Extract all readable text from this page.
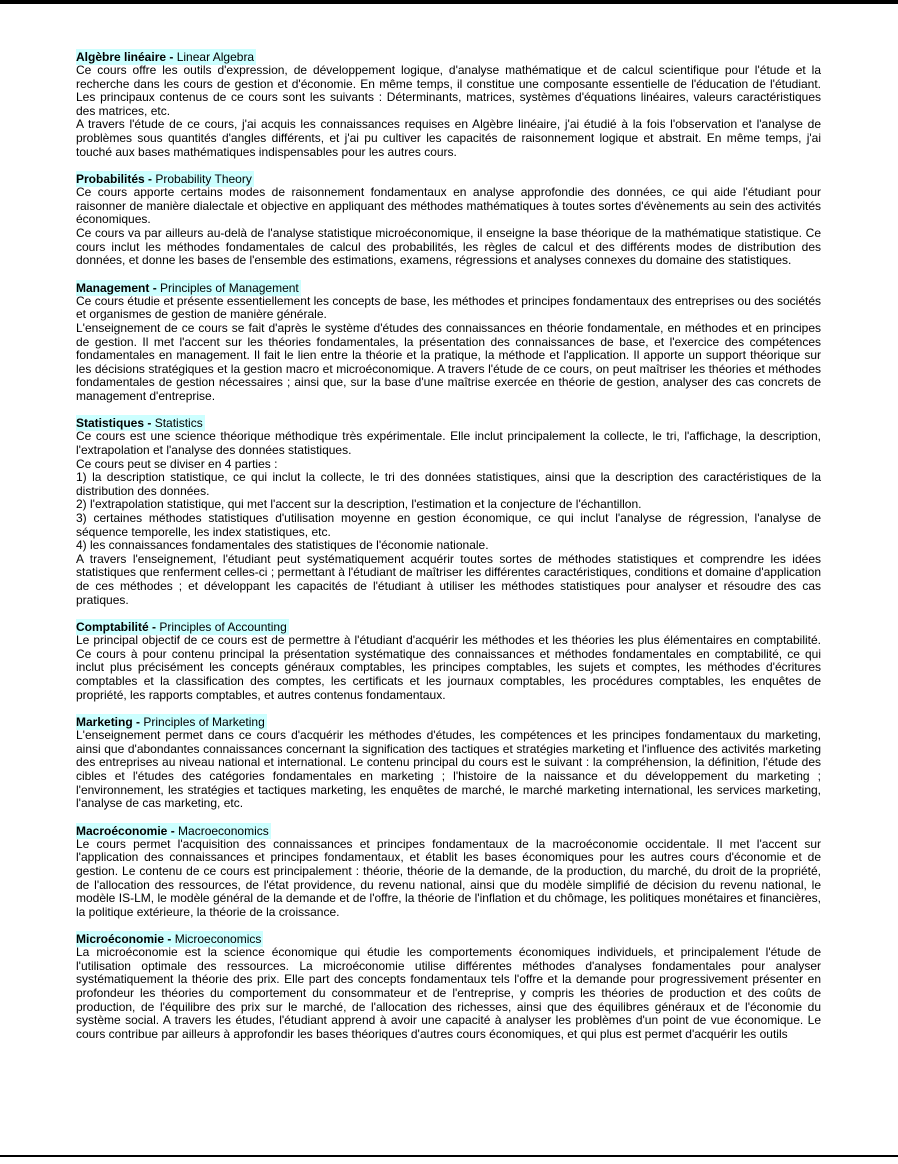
Algèbre linéaire - Linear Algebra

Ce cours offre les outils d'expression, de développement logique, d'analyse mathématique et de calcul scientifique pour l'étude et la recherche dans les cours de gestion et d'économie. En même temps, il constitue une composante essentielle de l'éducation de l'étudiant. Les principaux contenus de ce cours sont les suivants : Déterminants, matrices, systèmes d'équations linéaires, valeurs caractéristiques des matrices, etc.

A travers l'étude de ce cours, j'ai acquis les connaissances requises en Algèbre linéaire, j'ai étudié à la fois l'observation et l'analyse de problèmes sous quantités d'angles différents, et j'ai pu cultiver les capacités de raisonnement logique et abstrait. En même temps, j'ai touché aux bases mathématiques indispensables pour les autres cours.

Probabilités - Probability Theory

Ce cours apporte certains modes de raisonnement fondamentaux en analyse approfondie des données, ce qui aide l'étudiant pour raisonner de manière dialectale et objective en appliquant des méthodes mathématiques à toutes sortes d'évènements au sein des activités économiques.

Ce cours va par ailleurs au-delà de l'analyse statistique microéconomique, il enseigne la base théorique de la mathématique statistique. Ce cours inclut les méthodes fondamentales de calcul des probabilités, les règles de calcul et des différents modes de distribution des données, et donne les bases de l'ensemble des estimations, examens, régressions et analyses connexes du domaine des statistiques.

Management - Principles of Management

Ce cours étudie et présente essentiellement les concepts de base, les méthodes et principes fondamentaux des entreprises ou des sociétés et organismes de gestion de manière générale.

L'enseignement de ce cours se fait d'après le système d'études des connaissances en théorie fondamentale, en méthodes et en principes de gestion. Il met l'accent sur les théories fondamentales, la présentation des connaissances de base, et l'exercice des compétences fondamentales en management. Il fait le lien entre la théorie et la pratique, la méthode et l'application. Il apporte un support théorique sur les décisions stratégiques et la gestion macro et microéconomique. A travers l'étude de ce cours, on peut maîtriser les théories et méthodes fondamentales de gestion nécessaires ; ainsi que, sur la base d'une maîtrise exercée en théorie de gestion, analyser des cas concrets de management d'entreprise.

Statistiques - Statistics

Ce cours est une science théorique méthodique très expérimentale. Elle inclut principalement la collecte, le tri, l'affichage, la description, l'extrapolation et l'analyse des données statistiques.

Ce cours peut se diviser en 4 parties :

1) la description statistique, ce qui inclut la collecte, le tri des données statistiques, ainsi que la description des caractéristiques de la distribution des données.

2) l'extrapolation statistique, qui met l'accent sur la description, l'estimation et la conjecture de l'échantillon.

3) certaines méthodes statistiques d'utilisation moyenne en gestion économique, ce qui inclut l'analyse de régression, l'analyse de séquence temporelle, les index statistiques, etc.

4) les connaissances fondamentales des statistiques de l'économie nationale.

A travers l'enseignement, l'étudiant peut systématiquement acquérir toutes sortes de méthodes statistiques et comprendre les idées statistiques que renferment celles-ci ; permettant à l'étudiant de maîtriser les différentes caractéristiques, conditions et domaine d'application de ces méthodes ; et développant les capacités de l'étudiant à utiliser les méthodes statistiques pour analyser et résoudre des cas pratiques.

Comptabilité - Principles of Accounting

Le principal objectif de ce cours est de permettre à l'étudiant d'acquérir les méthodes et les théories les plus élémentaires en comptabilité. Ce cours à pour contenu principal la présentation systématique des connaissances et méthodes fondamentales en comptabilité, ce qui inclut plus précisément les concepts généraux comptables, les principes comptables, les sujets et comptes, les méthodes d'écritures comptables et la classification des comptes, les certificats et les journaux comptables, les procédures comptables, les enquêtes de propriété, les rapports comptables, et autres contenus fondamentaux.

Marketing - Principles of Marketing

L'enseignement permet dans ce cours d'acquérir les méthodes d'études, les compétences et les principes fondamentaux du marketing, ainsi que d'abondantes connaissances concernant la signification des tactiques et stratégies marketing et l'influence des activités marketing des entreprises au niveau national et international. Le contenu principal du cours est le suivant : la compréhension, la définition, l'étude des cibles et l'études des catégories fondamentales en marketing ; l'histoire de la naissance et du développement du marketing ; l'environnement, les stratégies et tactiques marketing, les enquêtes de marché, le marché marketing international, les services marketing, l'analyse de cas marketing, etc.

Macroéconomie - Macroeconomics

Le cours permet l'acquisition des connaissances et principes fondamentaux de la macroéconomie occidentale. Il met l'accent sur l'application des connaissances et principes fondamentaux, et établit les bases économiques pour les autres cours d'économie et de gestion. Le contenu de ce cours est principalement : théorie, théorie de la demande, de la production, du marché, du droit de la propriété, de l'allocation des ressources, de l'état providence, du revenu national, ainsi que du modèle simplifié de décision du revenu national, le modèle IS-LM, le modèle général de la demande et de l'offre, la théorie de l'inflation et du chômage, les politiques monétaires et financières, la politique extérieure, la théorie de la croissance.

Microéconomie - Microeconomics

La microéconomie est la science économique qui étudie les comportements économiques individuels, et principalement l'étude de l'utilisation optimale des ressources. La microéconomie utilise différentes méthodes d'analyses fondamentales pour analyser systématiquement la théorie des prix. Elle part des concepts fondamentaux tels l'offre et la demande pour progressivement présenter en profondeur les théories du comportement du consommateur et de l'entreprise, y compris les théories de production et des coûts de production, de l'équilibre des prix sur le marché, de l'allocation des richesses, ainsi que des équilibres généraux et de l'économie du système social. A travers les études, l'étudiant apprend à avoir une capacité à analyser les problèmes d'un point de vue économique. Le cours contribue par ailleurs à approfondir les bases théoriques d'autres cours économiques, et qui plus est permet d'acquérir les outils
